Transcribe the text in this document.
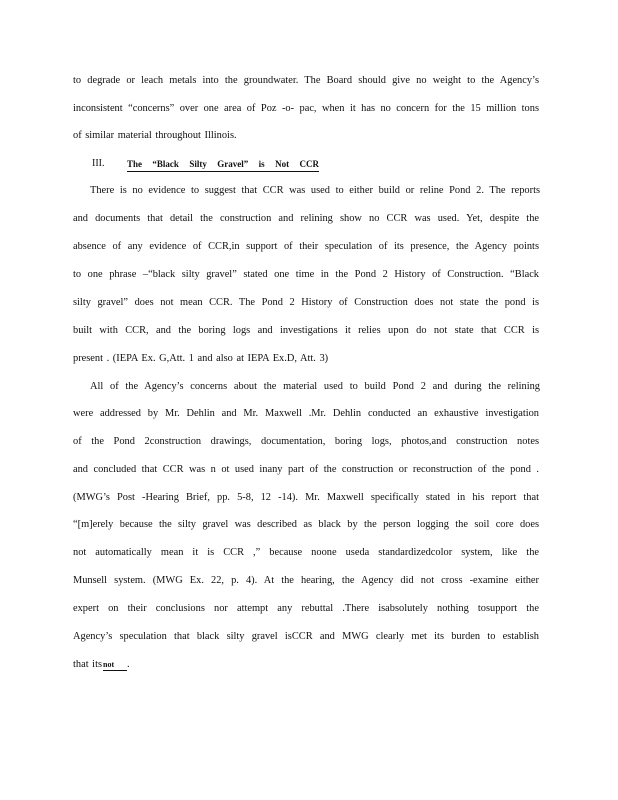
to degrade or leach metals into the groundwater. The Board should give no weight to the Agency’s
inconsistent “concerns” over one area of Poz -o- pac, when it has no concern for the 15 million tons
of similar material throughout Illinois.
III.	The “Black Silty Gravel” is Not CCR
There is no evidence to suggest that CCR was used to either build or reline Pond 2. The reports
and documents that detail the construction and relining show no CCR was used. Yet, despite the
absence of any evidence of CCR,in support of their speculation of its presence, the Agency points
to one phrase –“black silty gravel” stated one time in the Pond 2 History of Construction. “Black
silty gravel” does not mean CCR. The Pond 2 History of Construction does not state the pond is
built with CCR, and the boring logs and investigations it relies upon do not state that CCR is
present . (IEPA Ex. G,Att. 1 and also at IEPA Ex.D, Att. 3)
All of the Agency’s concerns about the material used to build Pond 2 and during the relining
were addressed by Mr. Dehlin and Mr. Maxwell .Mr. Dehlin conducted an exhaustive investigation
of the Pond 2construction drawings, documentation, boring logs, photos,and construction notes
and concluded that CCR was n ot used inany part of the construction or reconstruction of the pond .
(MWG’s Post -Hearing Brief, pp. 5-8, 12 -14). Mr. Maxwell specifically stated in his report that
“[m]erely because the silty gravel was described as black by the person logging the soil core does
not automatically mean it is CCR ,” because noone useda standardizedcolor system, like the
Munsell system. (MWG Ex. 22, p. 4). At the hearing, the Agency did not cross -examine either
expert on their conclusions nor attempt any rebuttal .There isabsolutely nothing tosupport the
Agency’s speculation that black silty gravel isCCR and MWG clearly met its burden to establish
that itsnot .
